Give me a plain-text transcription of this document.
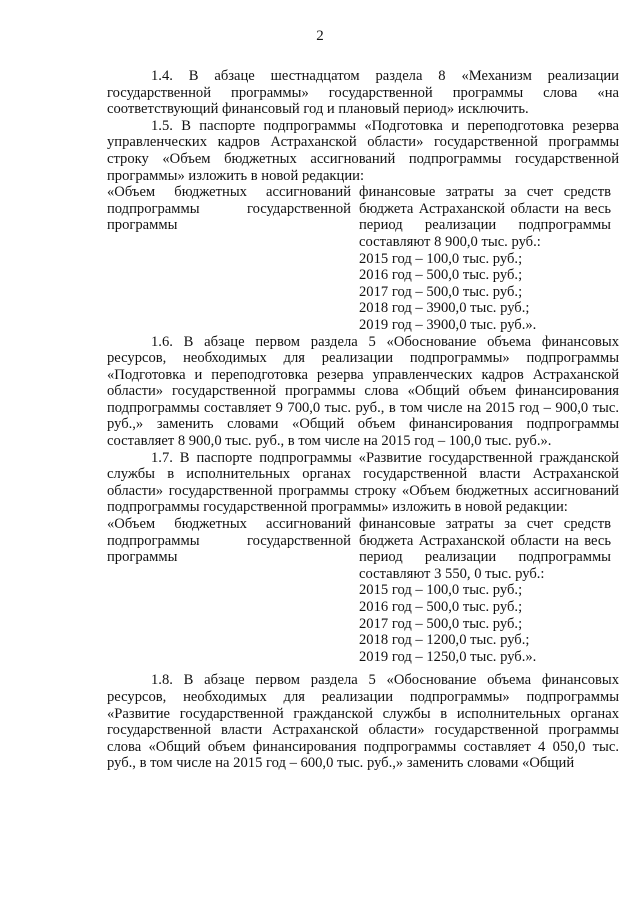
2

1.4. В абзаце шестнадцатом раздела 8 «Механизм реализации государственной программы» государственной программы слова «на соответствующий финансовый год и плановый период» исключить.

1.5. В паспорте подпрограммы «Подготовка и переподготовка резерва управленческих кадров Астраханской области» государственной программы строку «Объем бюджетных ассигнований подпрограммы государственной программы» изложить в новой редакции:

«Объем бюджетных ассигнований подпрограммы государственной программы
финансовые затраты за счет средств бюджета Астраханской области на весь период реализации подпрограммы составляют 8 900,0 тыс. руб.:
2015 год – 100,0 тыс. руб.;
2016 год – 500,0 тыс. руб.;
2017 год – 500,0 тыс. руб.;
2018 год – 3900,0 тыс. руб.;
2019 год – 3900,0 тыс. руб.».

1.6. В абзаце первом раздела 5 «Обоснование объема финансовых ресурсов, необходимых для реализации подпрограммы» подпрограммы «Подготовка и переподготовка резерва управленческих кадров Астраханской области» государственной программы слова «Общий объем финансирования подпрограммы составляет 9 700,0 тыс. руб., в том числе на 2015 год – 900,0 тыс. руб.,» заменить словами «Общий объем финансирования подпрограммы составляет 8 900,0 тыс. руб., в том числе на 2015 год – 100,0 тыс. руб.».

1.7. В паспорте подпрограммы «Развитие государственной гражданской службы в исполнительных органах государственной власти Астраханской области» государственной программы строку «Объем бюджетных ассигнований подпрограммы государственной программы» изложить в новой редакции:

«Объем бюджетных ассигнований подпрограммы государственной программы
финансовые затраты за счет средств бюджета Астраханской области на весь период реализации подпрограммы составляют 3 550, 0 тыс. руб.:
2015 год – 100,0 тыс. руб.;
2016 год – 500,0 тыс. руб.;
2017 год – 500,0 тыс. руб.;
2018 год – 1200,0 тыс. руб.;
2019 год – 1250,0 тыс. руб.».

1.8. В абзаце первом раздела 5 «Обоснование объема финансовых ресурсов, необходимых для реализации подпрограммы» подпрограммы «Развитие государственной гражданской службы в исполнительных органах государственной власти Астраханской области» государственной программы слова «Общий объем финансирования подпрограммы составляет 4 050,0 тыс. руб., в том числе на 2015 год – 600,0 тыс. руб.,» заменить словами «Общий
